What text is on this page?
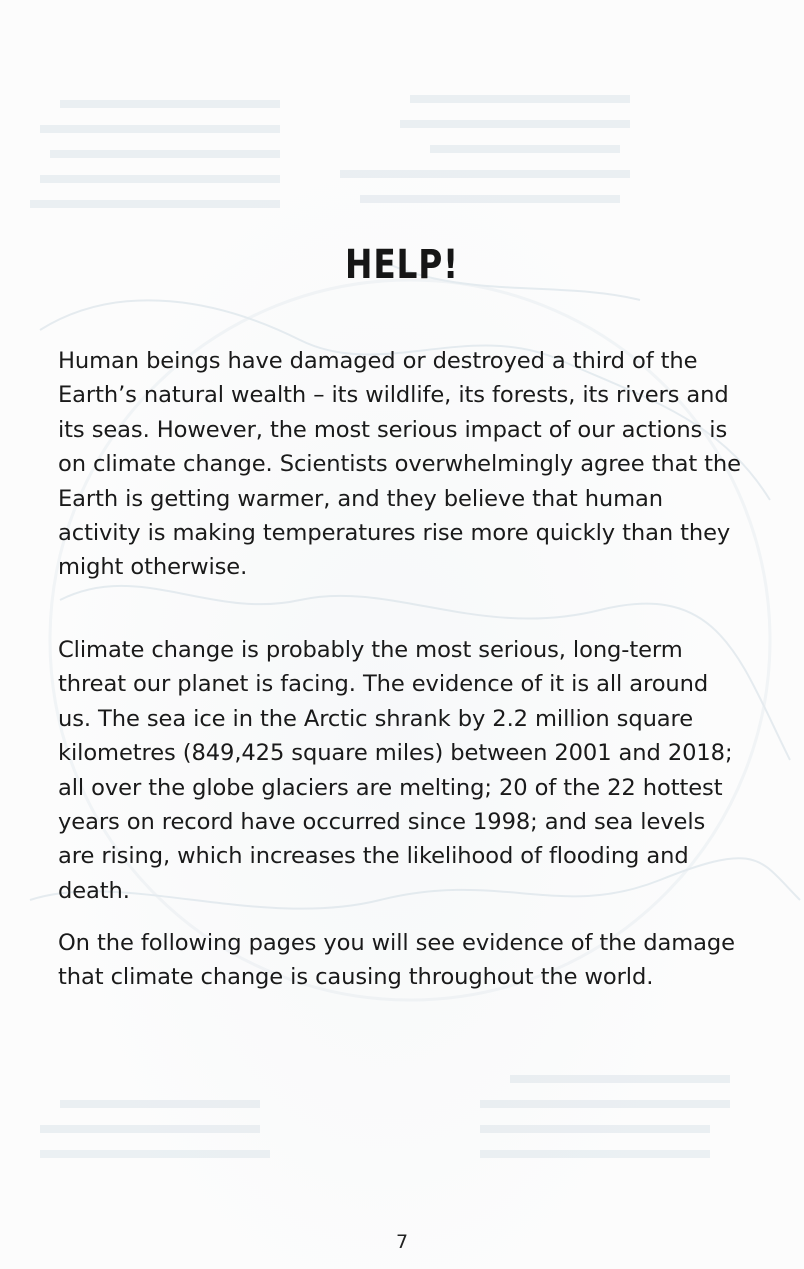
HELP!
Human beings have damaged or destroyed a third of the Earth’s natural wealth – its wildlife, its forests, its rivers and its seas. However, the most serious impact of our actions is on climate change. Scientists overwhelmingly agree that the Earth is getting warmer, and they believe that human activity is making temperatures rise more quickly than they might otherwise.
Climate change is probably the most serious, long-term threat our planet is facing. The evidence of it is all around us. The sea ice in the Arctic shrank by 2.2 million square kilometres (849,425 square miles) between 2001 and 2018; all over the globe glaciers are melting; 20 of the 22 hottest years on record have occurred since 1998; and sea levels are rising, which increases the likelihood of flooding and death.
On the following pages you will see evidence of the damage that climate change is causing throughout the world.
7
